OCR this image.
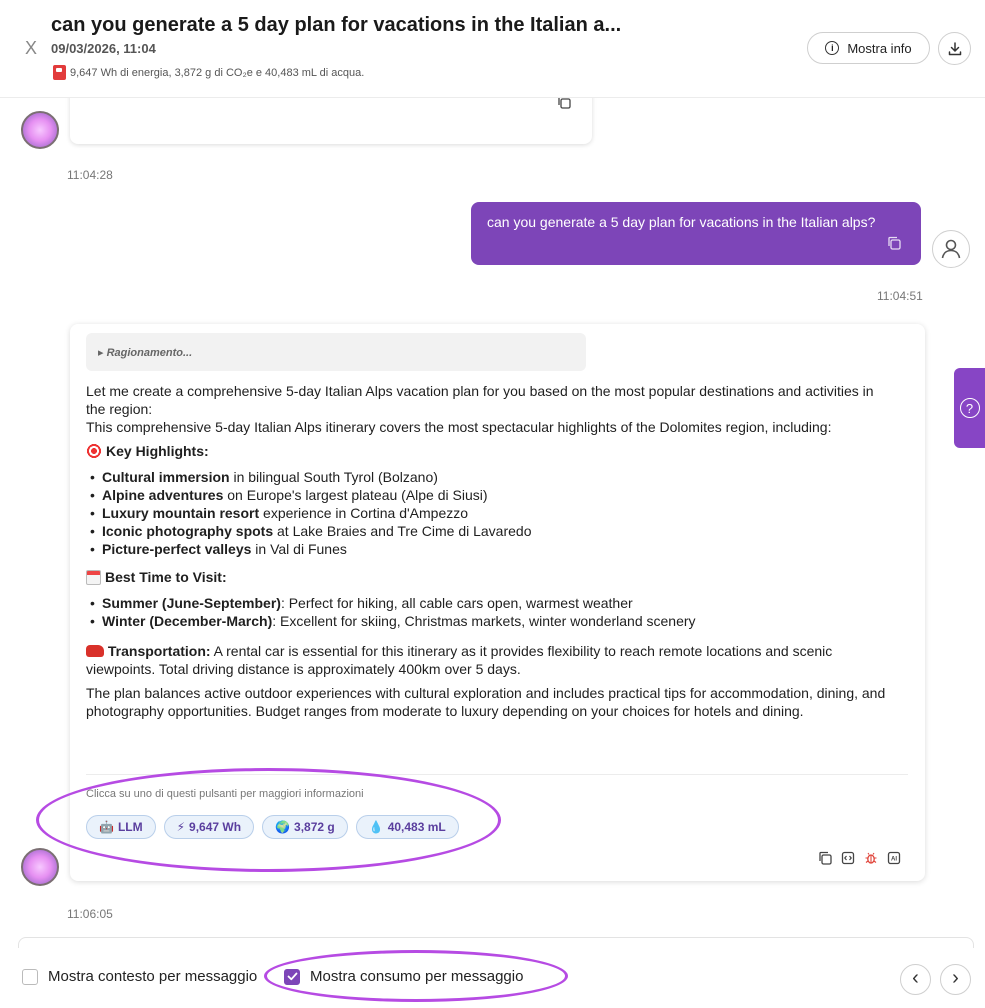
X
can you generate a 5 day plan for vacations in the Italian a...
09/03/2026, 11:04
9,647 Wh di energia, 3,872 g di CO₂e e 40,483 mL di acqua.
i	Mostra info
11:04:28
can you generate a 5 day plan for vacations in the Italian alps?
11:04:51
▸ Ragionamento...

Let me create a comprehensive 5-day Italian Alps vacation plan for you based on the most popular destinations and activities in the region:

This comprehensive 5-day Italian Alps itinerary covers the most spectacular highlights of the Dolomites region, including:

Key Highlights:
• Cultural immersion in bilingual South Tyrol (Bolzano)
• Alpine adventures on Europe's largest plateau (Alpe di Siusi)
• Luxury mountain resort experience in Cortina d'Ampezzo
• Iconic photography spots at Lake Braies and Tre Cime di Lavaredo
• Picture-perfect valleys in Val di Funes
Best Time to Visit:
• Summer (June-September): Perfect for hiking, all cable cars open, warmest weather
• Winter (December-March): Excellent for skiing, Christmas markets, winter wonderland scenery

Transportation: A rental car is essential for this itinerary as it provides flexibility to reach remote locations and scenic viewpoints. Total driving distance is approximately 400km over 5 days.

The plan balances active outdoor experiences with cultural exploration and includes practical tips for accommodation, dining, and photography opportunities. Budget ranges from moderate to luxury depending on your choices for hotels and dining.

Clicca su uno di questi pulsanti per maggiori informazioni
🤖 LLM	⚡ 9,647 Wh	🌍 3,872 g	💧 40,483 mL
AI
11:06:05
?
Mostra contesto per messaggio	Mostra consumo per messaggio	‹ ›
